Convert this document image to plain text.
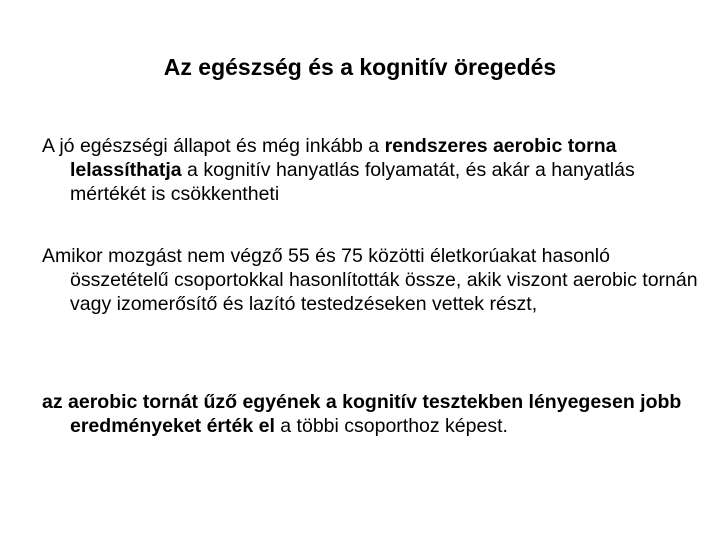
Az egészség és a kognitív öregedés

A jó egészségi állapot és még inkább a rendszeres aerobic torna lelassíthatja a kognitív hanyatlás folyamatát, és akár a hanyatlás mértékét is csökkentheti

Amikor mozgást nem végző 55 és 75 közötti életkorúakat hasonló összetételű csoportokkal hasonlították össze, akik viszont aerobic tornán vagy izomerősítő és lazító testedzéseken vettek részt,

az aerobic tornát űző egyének a kognitív tesztekben lényegesen jobb eredményeket érték el a többi csoporthoz képest.
